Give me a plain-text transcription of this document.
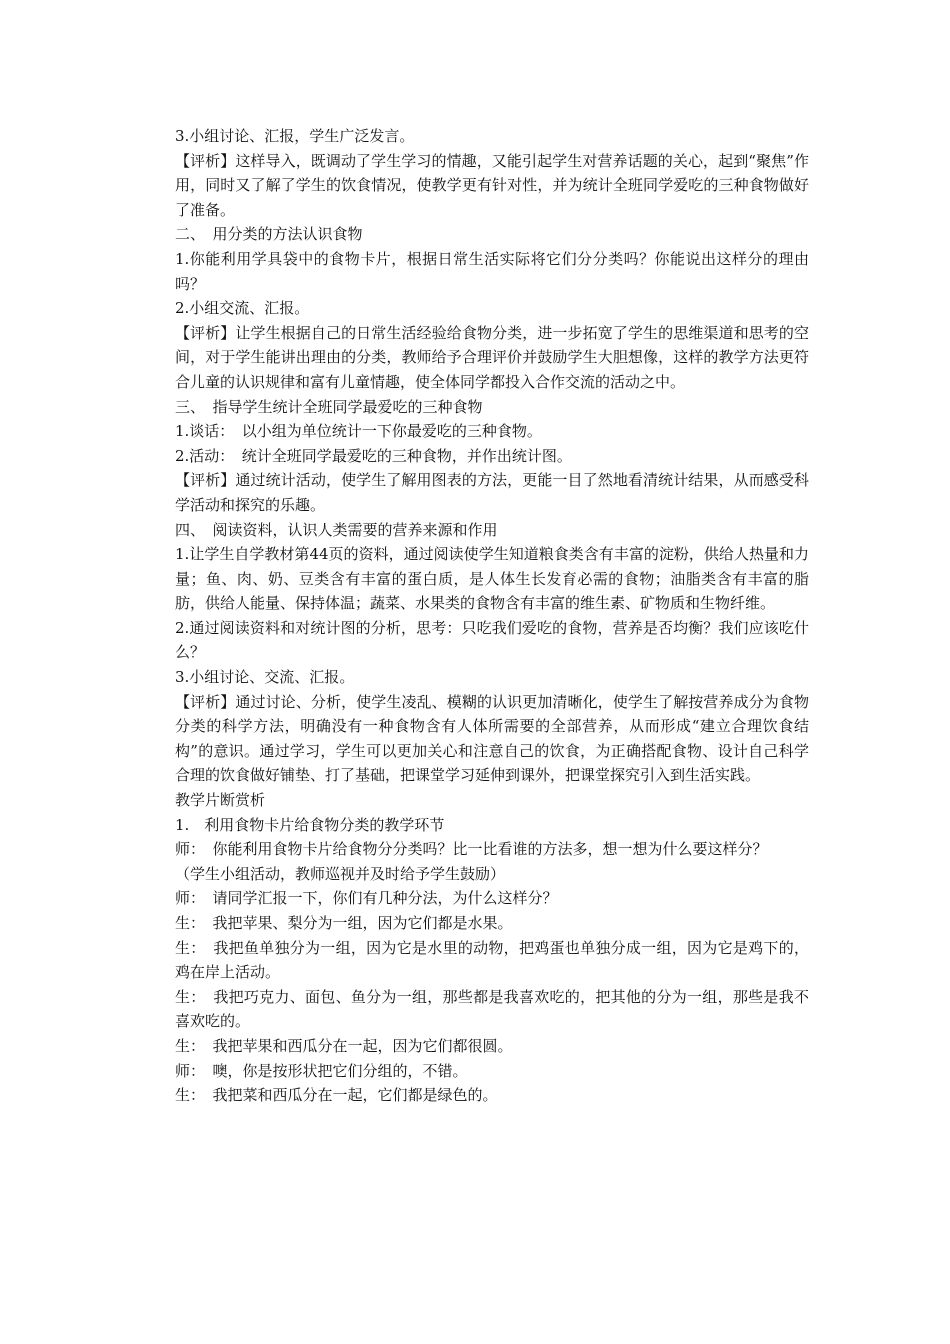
3.小组讨论、汇报，学生广泛发言。

【评析】这样导入，既调动了学生学习的情趣，又能引起学生对营养话题的关心，起到“聚焦”作用，同时又了解了学生的饮食情况，使教学更有针对性，并为统计全班同学爱吃的三种食物做好了准备。

二、　用分类的方法认识食物

1.你能利用学具袋中的食物卡片，根据日常生活实际将它们分分类吗？你能说出这样分的理由吗？

2.小组交流、汇报。

【评析】让学生根据自己的日常生活经验给食物分类，进一步拓宽了学生的思维渠道和思考的空间，对于学生能讲出理由的分类，教师给予合理评价并鼓励学生大胆想像，这样的教学方法更符合儿童的认识规律和富有儿童情趣，使全体同学都投入合作交流的活动之中。

三、　指导学生统计全班同学最爱吃的三种食物

1.谈话：　以小组为单位统计一下你最爱吃的三种食物。

2.活动：　统计全班同学最爱吃的三种食物，并作出统计图。

【评析】通过统计活动，使学生了解用图表的方法，更能一目了然地看清统计结果，从而感受科学活动和探究的乐趣。

四、　阅读资料，认识人类需要的营养来源和作用

1.让学生自学教材第44页的资料，通过阅读使学生知道粮食类含有丰富的淀粉，供给人热量和力量；鱼、肉、奶、豆类含有丰富的蛋白质，是人体生长发育必需的食物；油脂类含有丰富的脂肪，供给人能量、保持体温；蔬菜、水果类的食物含有丰富的维生素、矿物质和生物纤维。

2.通过阅读资料和对统计图的分析，思考：只吃我们爱吃的食物，营养是否均衡？我们应该吃什么？

3.小组讨论、交流、汇报。

【评析】通过讨论、分析，使学生凌乱、模糊的认识更加清晰化，使学生了解按营养成分为食物分类的科学方法，明确没有一种食物含有人体所需要的全部营养，从而形成“建立合理饮食结构”的意识。通过学习，学生可以更加关心和注意自己的饮食，为正确搭配食物、设计自己科学合理的饮食做好铺垫、打了基础，把课堂学习延伸到课外，把课堂探究引入到生活实践。

教学片断赏析

1.　利用食物卡片给食物分类的教学环节

师：　你能利用食物卡片给食物分分类吗？比一比看谁的方法多，想一想为什么要这样分？

（学生小组活动，教师巡视并及时给予学生鼓励）

师：　请同学汇报一下，你们有几种分法，为什么这样分？

生：　我把苹果、梨分为一组，因为它们都是水果。

生：　我把鱼单独分为一组，因为它是水里的动物，把鸡蛋也单独分成一组，因为它是鸡下的，鸡在岸上活动。

生：　我把巧克力、面包、鱼分为一组，那些都是我喜欢吃的，把其他的分为一组，那些是我不喜欢吃的。

生：　我把苹果和西瓜分在一起，因为它们都很圆。

师：　噢，你是按形状把它们分组的，不错。

生：　我把菜和西瓜分在一起，它们都是绿色的。
